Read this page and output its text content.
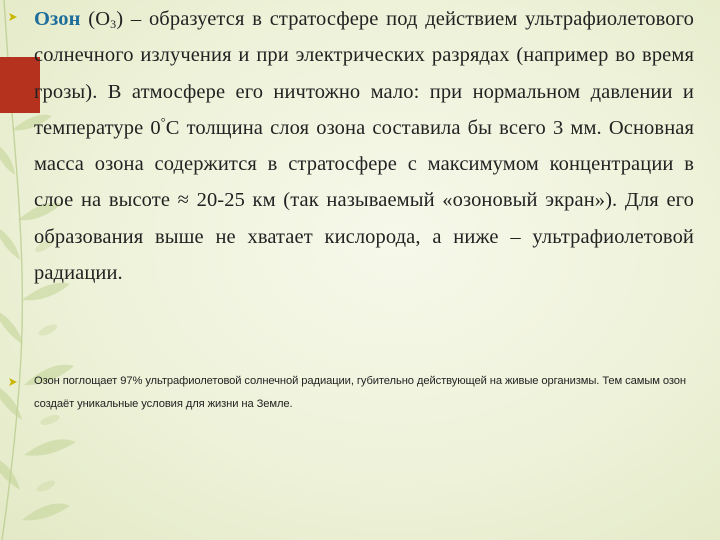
Озон $(O_3)$ – образуется в стратосфере под действием ультрафиолетового солнечного излучения и при электрических разрядах (например во время грозы). В атмосфере его ничтожно мало: при нормальном давлении и температуре 0°С толщина слоя озона составила бы всего 3 мм. Основная масса озона содержится в стратосфере с максимумом концентрации в слое на высоте ≈ 20-25 км (так называемый «озоновый экран»). Для его образования выше не хватает кислорода, а ниже – ультрафиолетовой радиации.
Озон поглощает 97% ультрафиолетовой солнечной радиации, губительно действующей на живые организмы. Тем самым озон создаёт уникальные условия для жизни на Земле.
